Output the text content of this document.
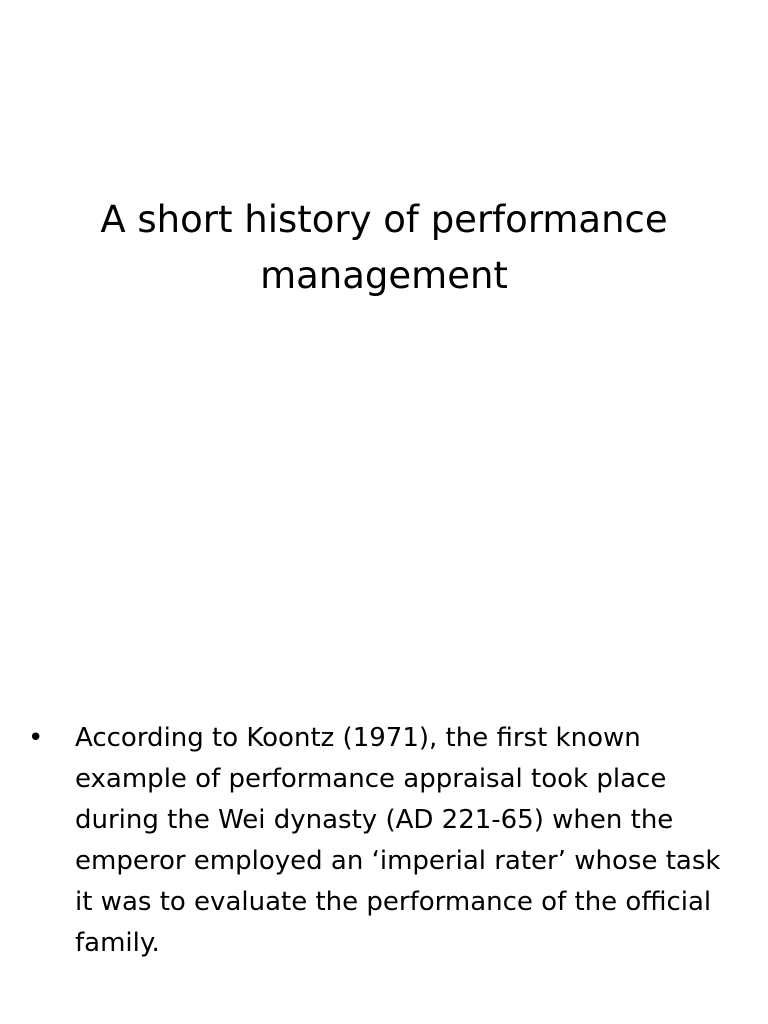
A short history of performance management
•	According to Koontz (1971), the first known example of performance appraisal took place during the Wei dynasty (AD 221-65) when the emperor employed an ‘imperial rater’ whose task it was to evaluate the performance of the official family.
